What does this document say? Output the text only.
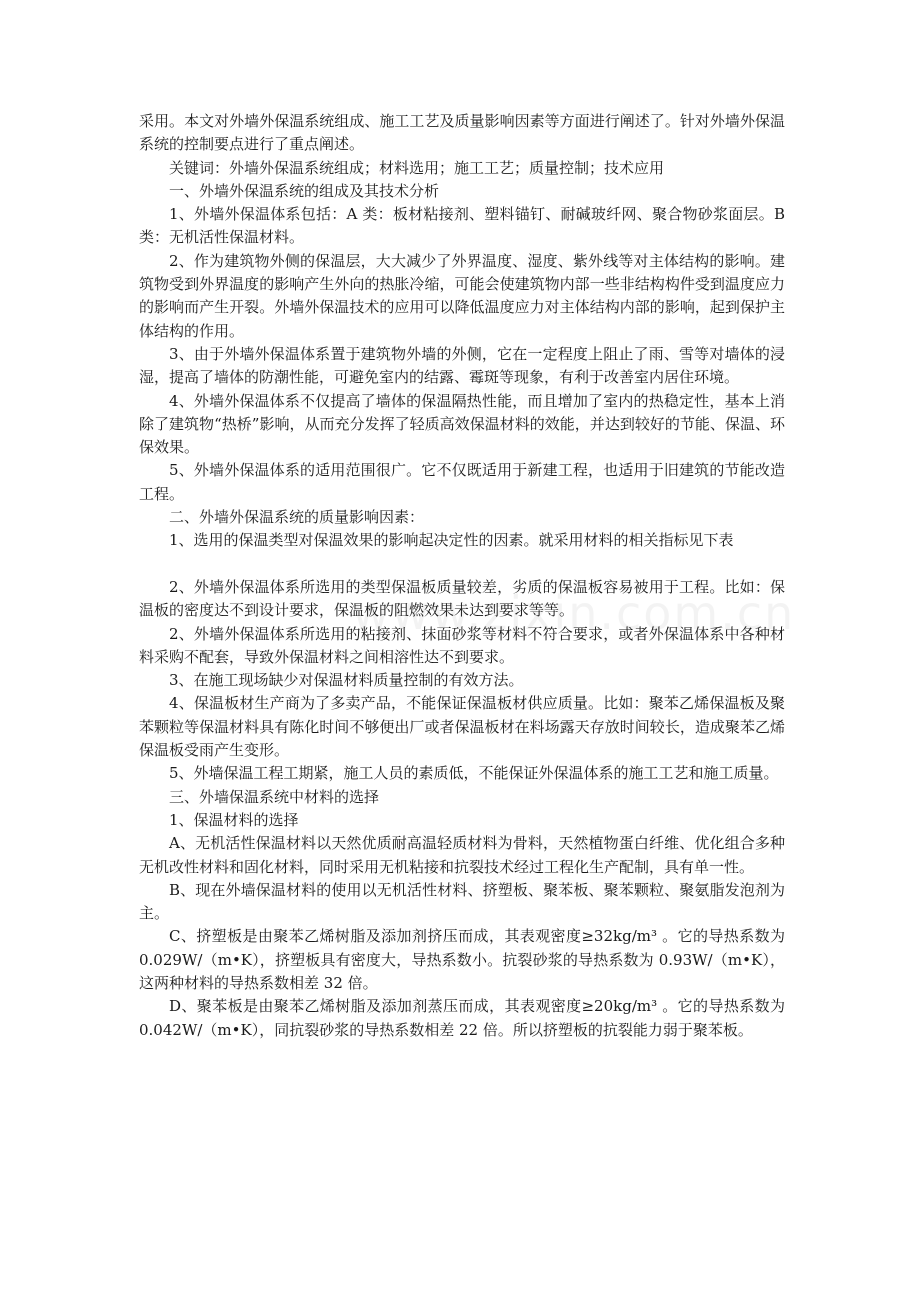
采用。本文对外墙外保温系统组成、施工工艺及质量影响因素等方面进行阐述了。针对外墙外保温系统的控制要点进行了重点阐述。

关键词：外墙外保温系统组成；材料选用；施工工艺；质量控制；技术应用

一、外墙外保温系统的组成及其技术分析

1、外墙外保温体系包括：A 类：板材粘接剂、塑料锚钉、耐碱玻纤网、聚合物砂浆面层。B 类：无机活性保温材料。

2、作为建筑物外侧的保温层，大大减少了外界温度、湿度、紫外线等对主体结构的影响。建筑物受到外界温度的影响产生外向的热胀冷缩，可能会使建筑物内部一些非结构构件受到温度应力的影响而产生开裂。外墙外保温技术的应用可以降低温度应力对主体结构内部的影响，起到保护主体结构的作用。

3、由于外墙外保温体系置于建筑物外墙的外侧，它在一定程度上阻止了雨、雪等对墙体的浸湿，提高了墙体的防潮性能，可避免室内的结露、霉斑等现象，有利于改善室内居住环境。

4、外墙外保温体系不仅提高了墙体的保温隔热性能，而且增加了室内的热稳定性，基本上消除了建筑物“热桥”影响，从而充分发挥了轻质高效保温材料的效能，并达到较好的节能、保温、环保效果。

5、外墙外保温体系的适用范围很广。它不仅既适用于新建工程，也适用于旧建筑的节能改造工程。

二、外墙外保温系统的质量影响因素：

1、选用的保温类型对保温效果的影响起决定性的因素。就采用材料的相关指标见下表

2、外墙外保温体系所选用的类型保温板质量较差，劣质的保温板容易被用于工程。比如：保温板的密度达不到设计要求，保温板的阻燃效果未达到要求等等。

2、外墙外保温体系所选用的粘接剂、抹面砂浆等材料不符合要求，或者外保温体系中各种材料采购不配套，导致外保温材料之间相溶性达不到要求。

3、在施工现场缺少对保温材料质量控制的有效方法。

4、保温板材生产商为了多卖产品，不能保证保温板材供应质量。比如：聚苯乙烯保温板及聚苯颗粒等保温材料具有陈化时间不够便出厂或者保温板材在料场露天存放时间较长，造成聚苯乙烯保温板受雨产生变形。

5、外墙保温工程工期紧，施工人员的素质低，不能保证外保温体系的施工工艺和施工质量。

三、外墙保温系统中材料的选择

1、保温材料的选择

A、无机活性保温材料以天然优质耐高温轻质材料为骨料，天然植物蛋白纤维、优化组合多种无机改性材料和固化材料，同时采用无机粘接和抗裂技术经过工程化生产配制，具有单一性。

B、现在外墙保温材料的使用以无机活性材料、挤塑板、聚苯板、聚苯颗粒、聚氨脂发泡剂为主。

C、挤塑板是由聚苯乙烯树脂及添加剂挤压而成，其表观密度≥32kg/m³ 。它的导热系数为 0.029W/（m•K），挤塑板具有密度大，导热系数小。抗裂砂浆的导热系数为 0.93W/（m•K），这两种材料的导热系数相差 32 倍。

D、聚苯板是由聚苯乙烯树脂及添加剂蒸压而成，其表观密度≥20kg/m³ 。它的导热系数为 0.042W/（m•K），同抗裂砂浆的导热系数相差 22 倍。所以挤塑板的抗裂能力弱于聚苯板。
